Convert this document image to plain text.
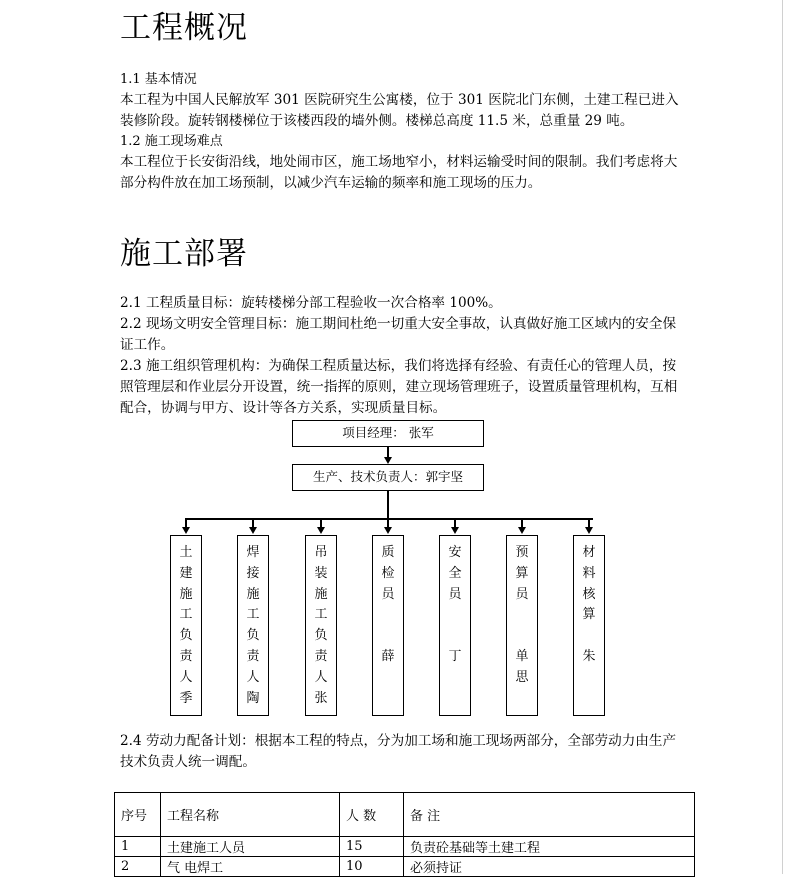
工程概况
1.1 基本情况
本工程为中国人民解放军 301 医院研究生公寓楼，位于 301 医院北门东侧，土建工程已进入装修阶段。旋转钢楼梯位于该楼西段的墙外侧。楼梯总高度 11.5 米，总重量 29 吨。
1.2 施工现场难点
本工程位于长安街沿线，地处闹市区，施工场地窄小，材料运输受时间的限制。我们考虑将大部分构件放在加工场预制，以减少汽车运输的频率和施工现场的压力。
施工部署
2.1 工程质量目标：旋转楼梯分部工程验收一次合格率 100%。
2.2 现场文明安全管理目标：施工期间杜绝一切重大安全事故，认真做好施工区域内的安全保证工作。
2.3 施工组织管理机构：为确保工程质量达标，我们将选择有经验、有责任心的管理人员，按照管理层和作业层分开设置，统一指挥的原则，建立现场管理班子，设置质量管理机构，互相配合，协调与甲方、设计等各方关系，实现质量目标。
项目经理： 张军
生产、技术负责人：郭宇坚
土
建
施
工
负
责
人
季
焊
接
施
工
负
责
人
陶
吊
装
施
工
负
责
人
张
质
检
员

薛
安
全
员

丁
预
算
员

单
思
材
料
核
算

朱
2.4 劳动力配备计划：根据本工程的特点，分为加工场和施工现场两部分，全部劳动力由生产技术负责人统一调配。
序号	工程名称	人 数	备 注
1	土建施工人员	15	负责砼基础等土建工程
2	气 电焊工	10	必须持证
